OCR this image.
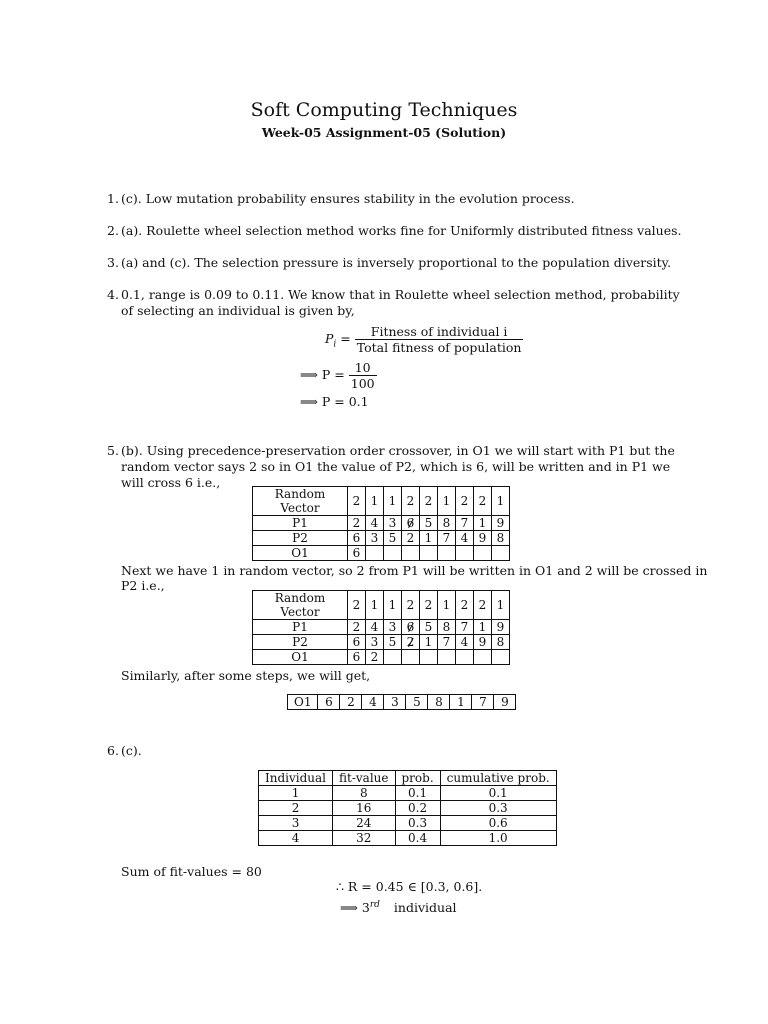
Soft Computing Techniques
Week-05 Assignment-05 (Solution)
1. (c). Low mutation probability ensures stability in the evolution process.
2. (a). Roulette wheel selection method works fine for Uniformly distributed fitness values.
3. (a) and (c). The selection pressure is inversely proportional to the population diversity.
4. 0.1, range is 0.09 to 0.11. We know that in Roulette wheel selection method, probability of selecting an individual is given by,
$P_i = \frac{\text{Fitness of individual i}}{\text{Total fitness of population}}$
⟹ $P = \frac{10}{100}$
⟹ P = 0.1
5. (b). Using precedence-preservation order crossover, in O1 we will start with P1 but the random vector says 2 so in O1 the value of P2, which is 6, will be written and in P1 we will cross 6 i.e.,
Random Vector	2	1	1	2	2	1	2	2	1
P1	2	4	3	6	5	8	7	1	9
P2	6	3	5	2	1	7	4	9	8
O1	6								
Next we have 1 in random vector, so 2 from P1 will be written in O1 and 2 will be crossed in P2 i.e.,
Random Vector	2	1	1	2	2	1	2	2	1
P1	2	4	3	6	5	8	7	1	9
P2	6	3	5	2	1	7	4	9	8
O1	6	2							
Similarly, after some steps, we will get,
O1	6	2	4	3	5	8	1	7	9
6. (c).
Individual	fit-value	prob.	cumulative prob.
1	8	0.1	0.1
2	16	0.2	0.3
3	24	0.3	0.6
4	32	0.4	1.0
Sum of fit-values = 80
∴ R = 0.45 ∈ [0.3, 0.6].
⟹ 3rd individual
